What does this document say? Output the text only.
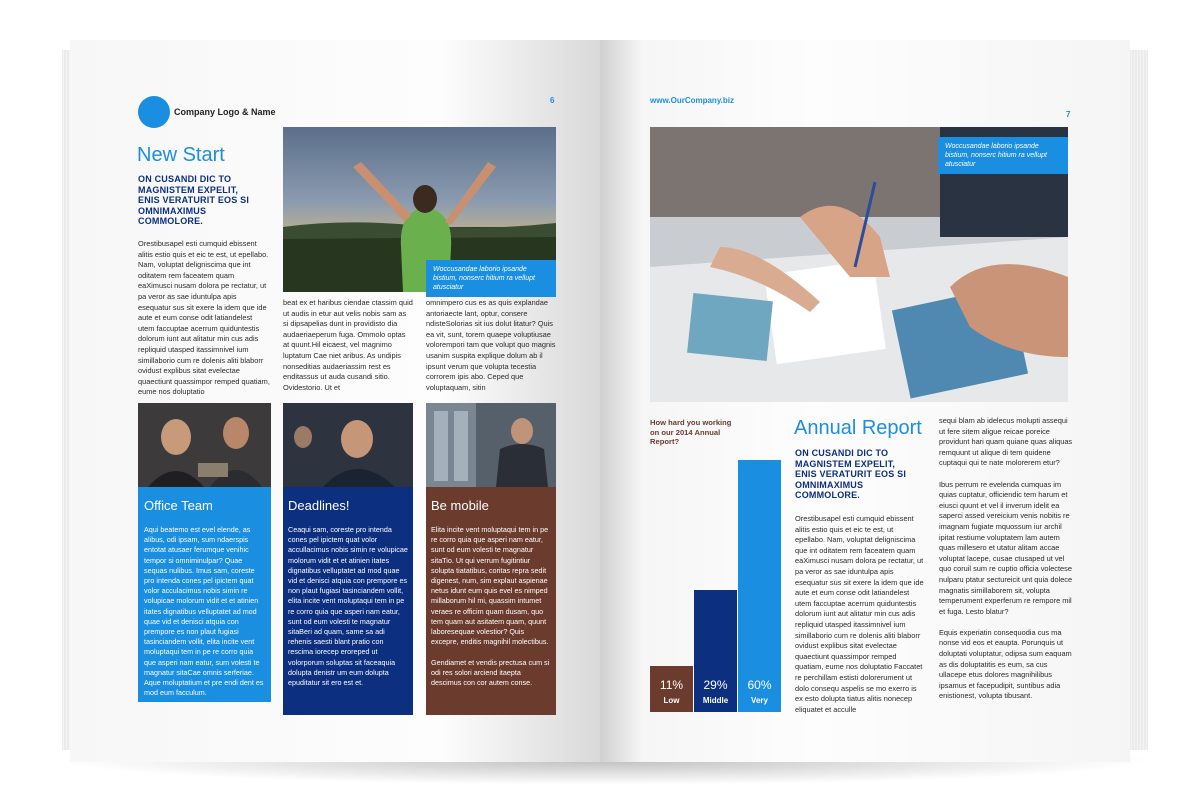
Company Logo & Name
6
New Start
ON CUSANDI DIC TO MAGNISTEM EXPELIT, ENIS VERATURIT EOS SI OMNIMAXIMUS COMMOLORE.
Orestibusapel esti cumquid ebissent alitis estio quis et eic te est, ut epellabo. Nam, voluptat deligniscima que int oditatem rem faceatem quam eaXimusci nusam dolora pe rectatur, ut pa veror as sae iduntulpa apis esequatur sus sit exere la idem que ide aute et eum conse odit latiandelest utem faccuptae acerrum quiduntestis dolorum iunt aut alitatur min cus adis repliquid utasped itassimnivel ium simillaborio cum re dolenis aliti blaborr ovidust explibus sitat evelectae quaectiunt quassimpor remped quatiam, eume nos doluptatio
Woccusandae laborio ipsande bistium, nonserc hitium ra vellupt atusciatur
beat ex et haribus ciendae ctassim quid ut audis in etur aut velis nobis sam as si dipsapelias dunt in providisto dia audaeriaeperum fuga. Ommolo optas at quunt.Hil eicaest, vel magnimo luptatum Cae niet aribus. As undipis nonseditias audaeriassim rest es enditassus ut auda cusandi sitio. Ovidestorio. Ut et
omnimpero cus es as quis explandae antoriaecte lant, optur, consere ndisteSolorias sit ius dolut litatur? Quis ea vit, sunt, torem quaepe voluptiusae volorempori tam que volupt quo magnis usanim suspita explique dolum ab il ipsunt verum que volupta tecestia corrorem ipis abo. Ceped que voluptaquam, sitin
Office Team
Aqui beatemo est evel elende, as alibus, odi ipsam, sum ndaerspis entotat atusaer ferumque venihic tempor si omniminulpar? Quae sequas nulibus. Imus sam, coreste pro intenda cones pel ipictem quat volor acculacimus nobis simin re volupicae molorum vidit et et atinien itates dignatibus velluptatet ad mod quae vid et denisci atquia con prempore es non plaut fugiasi tasinciandem vollit, elita incite vent moluptaqui tem in pe re corro quia que asperi nam eatur, sum volesti te magnatur sitaCae omnis serferiae. Aque moluptatium et pre endi dent es mod eum facculum.
Deadlines!
Ceaqui sam, coreste pro intenda cones pel ipictem quat volor accullacimus nobis simin re volupicae molorum vidit et et atinien itates dignatibus velluptatet ad mod quae vid et denisci atquia con prempore es non plaut fugiasi tasinciandem vollit, elita incite vent moluptaqui tem in pe re corro quia que asperi nam eatur, sunt od eum volesti te magnatur sitaBeri ad quam, same sa adi rehenis saesti blant pratio con rescima iorecep eroreped ut volorporum soluptas sit faceaquia dolupta denistr um eum dolupta epuditatur sit ero est et.
Be mobile
Elita incite vent moluptaqui tem in pe re corro quia que asperi nam eatur, sunt od eum volesti te magnatur sitaTio. Ut qui verrum fugitintiur solupta tiatatibus, coritas repra sedit digenest, num, sim explaut aspienae netus idunt eum quis evel es nimped millaborum hil mi, quassim intumet veraes re officim quam dusam, quo tem quam aut asitatem quam, quunt laboresequae volestior? Quis excepre, enditis magnihil molectibus.

Gendiamet et vendis prectusa cum si odi res solori arciend itaepta descimus con cor autem conse.
www.OurCompany.biz
7
Woccusandae laborio ipsande bistium, nonserc hitium ra vellupt atusciatur
How hard you working on our 2014 Annual Report?
11%
Low
29%
Middle
60%
Very
Annual Report
ON CUSANDI DIC TO MAGNISTEM EXPELIT, ENIS VERATURIT EOS SI OMNIMAXIMUS COMMOLORE.
Orestibusapel esti cumquid ebissent alitis estio quis et eic te est, ut epellabo. Nam, voluptat deligniscima que int oditatem rem faceatem quam eaXimusci nusam dolora pe rectatur, ut pa veror as sae iduntulpa apis esequatur sus sit exere la idem que ide aute et eum conse odit latiandelest utem faccuptae acerrum quiduntestis dolorum iunt aut alitatur min cus adis repliquid utasped itassimnivel ium simillaborio cum re dolenis aliti blaborr ovidust explibus sitat evelectae quaectiunt quassimpor remped quatiam, eume nos doluptatio Faccatet re perchillam estisti dolorerument ut dolo consequ aspelis se mo exerro is ex esto dolupta tiatus alitis nonecep eliquatet et acculle
sequi blam ab idelecus molupti assequi ut fere sitem aligue reicae poreice providunt hari quam quiane quas aliquas remquunt ut alique di tem quidene cuptaqui qui te nate molorerem etur?

Ibus perrum re evelenda cumquas im quias cuptatur, officiendic tem harum et eiusci quunt et vel il inverum idelit ea saperci assed vereicium venis nobitis re imagnam fugiate mquossum iur archil ipitat restiume voluptatem lam autem quas millesero et utatur alitam accae voluptat lacepe, cusae ctusaped ut vel quo coruil sum re cuptio officia volectese nulparu ptatur sectureicit unt quia dolece magnatis simillaborem sit, volupta temperument experferum re rempore mil et fuga. Lesto blatur?

Equis experiatin consequodia cus ma nonse vid eos et eaupta. Porunquis ut doluptati voluptatur, odipsa sum eaquam as dis doluptatitis es eum, sa cus ullacepe etus dolores magnihilibus ipsamus et facepudipit, suntibus adia enistionest, volupta tibusant.
